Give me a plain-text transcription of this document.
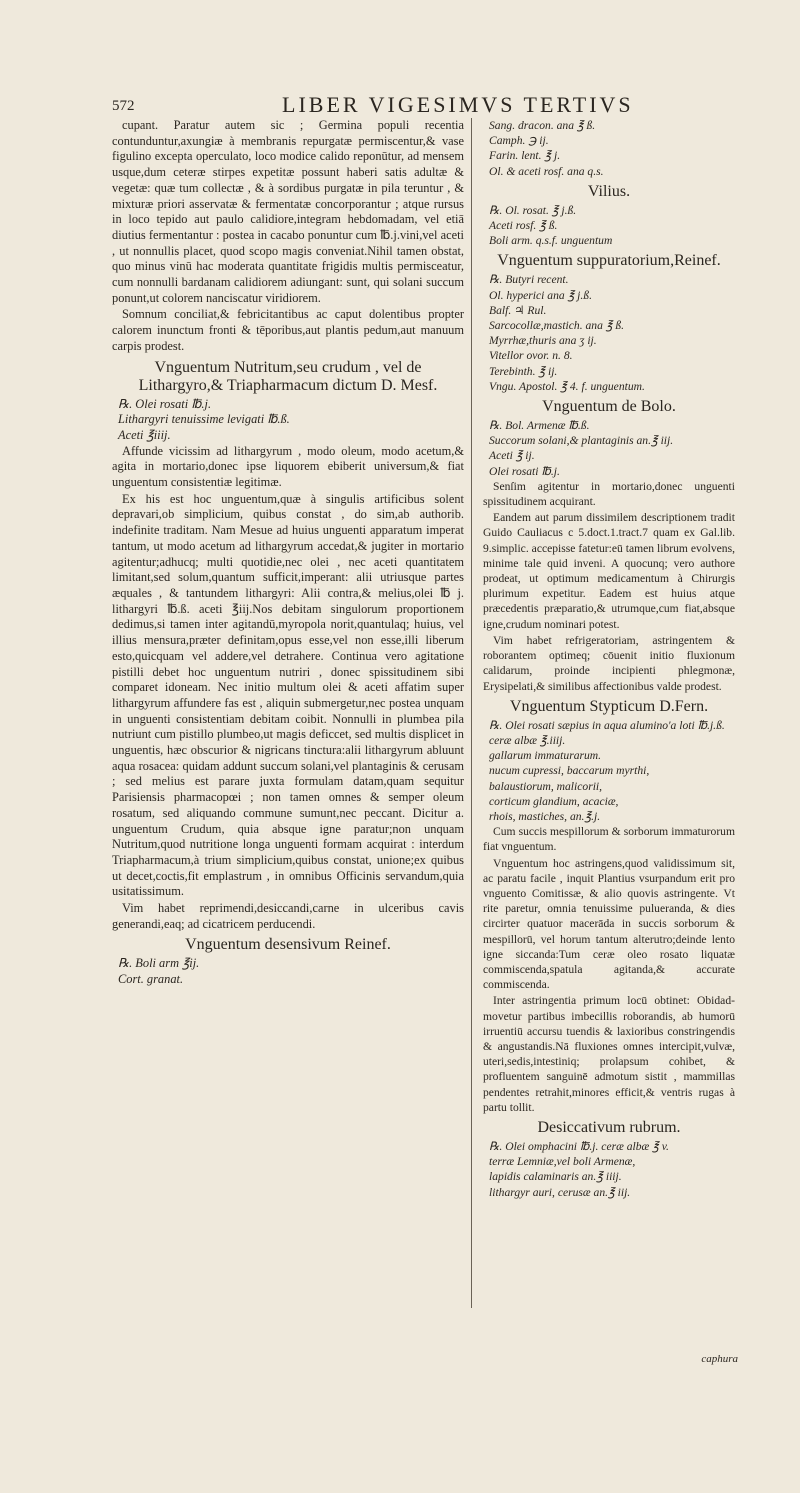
572	LIBER VIGESIMVS TERTIVS

cupant. Paratur autem sic ; Germina populi recentia contunduntur,axungiæ à membranis repurgatæ permiscentur,& vase figulino excepta operculato, loco modice calido reponūtur, ad mensem usque,dum ceteræ stirpes expetitæ possunt haberi satis adultæ & vegetæ: quæ tum collectæ , & à sordibus purgatæ in pila teruntur , & mixturæ priori asservatæ & fermentatæ concorporantur ; atque rursus in loco tepido aut paulo calidiore,integram hebdomadam, vel etiā diutius fermentantur : postea in cacabo ponuntur cum ℔.j.vini,vel aceti , ut nonnullis placet, quod scopo magis conveniat.Nihil tamen obstat, quo minus vinū hac moderata quantitate frigidis multis permisceatur, cum nonnulli bardanam calidiorem adiungant: sunt, qui solani succum ponunt,ut colorem nanciscatur viridiorem.

Somnum conciliat,& febricitantibus ac caput dolentibus propter calorem inunctum fronti & tēporibus,aut plantis pedum,aut manuum carpis prodest.

Vnguentum Nutritum,seu crudum , vel de Lithargyro,& Triapharmacum dictum D. Mesf.

℞. Olei rosati ℔.j.

Lithargyri tenuissime levigati ℔.ß.

Aceti ℥iiij.

Affunde vicissim ad lithargyrum , modo oleum, modo acetum,& agita in mortario,donec ipse liquorem ebiberit universum,& fiat unguentum consistentiæ legitimæ.

Ex his est hoc unguentum,quæ à singulis artificibus solent depravari,ob simplicium, quibus constat , do sim,ab authorib. indefinite traditam. Nam Mesue ad huius unguenti apparatum imperat tantum, ut modo acetum ad lithargyrum accedat,& jugiter in mortario agitentur;adhucq; multi quotidie,nec olei , nec aceti quantitatem limitant,sed solum,quantum sufficit,imperant: alii utriusque partes æquales , & tantundem lithargyri: Alii contra,& melius,olei ℔ j. lithargyri ℔.ß. aceti ℥iij.Nos debitam singulorum proportionem dedimus,si tamen inter agitandū,myropola norit,quantulaq; huius, vel illius mensura,præter definitam,opus esse,vel non esse,illi liberum esto,quicquam vel addere,vel detrahere. Continua vero agitatione pistilli debet hoc unguentum nutriri , donec spissitudinem sibi comparet idoneam. Nec initio multum olei & aceti affatim super lithargyrum affundere fas est , aliquin submergetur,nec postea unquam in unguenti consistentiam debitam coibit. Nonnulli in plumbea pila nutriunt cum pistillo plumbeo,ut magis deficcet, sed multis displicet in unguentis, hæc obscurior & nigricans tinctura:alii lithargyrum abluunt aqua rosacea: quidam addunt succum solani,vel plantaginis & cerusam ; sed melius est parare juxta formulam datam,quam sequitur Parisiensis pharmacopœi ; non tamen omnes & semper oleum rosatum, sed aliquando commune sumunt,nec peccant. Dicitur a. unguentum Crudum, quia absque igne paratur;non unquam Nutritum,quod nutritione longa unguenti formam acquirat : interdum Triapharmacum,à trium simplicium,quibus constat, unione;ex quibus ut decet,coctis,fit emplastrum , in omnibus Officinis servandum,quia usitatissimum.

Vim habet reprimendi,desiccandi,carne in ulceribus cavis generandi,eaq; ad cicatricem perducendi.

Vnguentum desensivum Reinef.

℞. Boli arm ℥ij.

Cort. granat.

Sang. dracon. ana ℥ ß.

Camph. ℈ ij.

Farin. lent. ℥ j.

Ol. & aceti rosf. ana q.s.

Vilius.

℞. Ol. rosat. ℥ j.ß.

Aceti rosf. ℥ ß.

Boli arm. q.s.f. unguentum

Vnguentum suppuratorium,Reinef.

℞. Butyri recent.

Ol. hyperici ana ℥ j.ß.

Balf. ♃ Rul.

Sarcocollæ,mastich. ana ℥ ß.

Myrrhæ,thuris ana ʒ ij.

Vitellor ovor. n. 8.

Terebinth. ℥ ij.

Vngu. Apostol. ℥ 4. f. unguentum.

Vnguentum de Bolo.

℞. Bol. Armenæ ℔.ß.

Succorum solani,& plantaginis an.℥ iij.

Aceti ℥ ij.

Olei rosati ℔.j.

Senſim agitentur in mortario,donec unguenti spissitudinem acquirant.

Eandem aut parum dissimilem descriptionem tradit Guido Cauliacus c 5.doct.1.tract.7 quam ex Gal.lib. 9.simplic. accepisse fatetur:eū tamen librum evolvens, minime tale quid inveni. A quocunq; vero authore prodeat, ut optimum medicamentum à Chirurgis plurimum expetitur. Eadem est huius atque præcedentis præparatio,& utrumque,cum fiat,absque igne,crudum nominari potest.

Vim habet refrigeratoriam, astringentem & roborantem optimeq; cōuenit initio fluxionum calidarum, proinde incipienti phlegmonæ, Erysipelati,& similibus affectionibus valde prodest.

Vnguentum Stypticum D.Fern.

℞. Olei rosati sæpius in aqua alumino'a loti ℔.j.ß.

ceræ albæ ℥.iiij.

gallarum immaturarum.

nucum cupressi, baccarum myrthi,

balaustiorum, malicorii,

corticum glandium, acaciæ,

rhois, mastiches, an.℥.j.

Cum succis mespillorum & sorborum immaturorum fiat vnguentum.

Vnguentum hoc astringens,quod validissimum sit, ac paratu facile , inquit Plantius vsurpandum erit pro vnguento Comitissæ, & alio quovis astringente. Vt rite paretur, omnia tenuissime pulueranda, & dies circirter quatuor macerāda in succis sorborum & mespillorū, vel horum tantum alterutro;deinde lento igne siccanda:Tum ceræ oleo rosato liquatæ commiscenda,spatula agitanda,& accurate commiscenda.

Inter astringentia primum locū obtinet: Obidad-movetur partibus imbecillis roborandis, ab humorū irruentiū accursu tuendis & laxioribus constringendis & angustandis.Nā fluxiones omnes intercipit,vulvæ, uteri,sedis,intestiniq; prolapsum cohibet, & profluentem sanguinē admotum sistit , mammillas pendentes retrahit,minores efficit,& ventris rugas à partu tollit.

Desiccativum rubrum.

℞. Olei omphacini ℔.j. ceræ albæ ℥ v.

terræ Lemniæ,vel boli Armenæ,

lapidis calaminaris an.℥ iiij.

lithargyr auri, cerusæ an.℥ iij.

caphura
